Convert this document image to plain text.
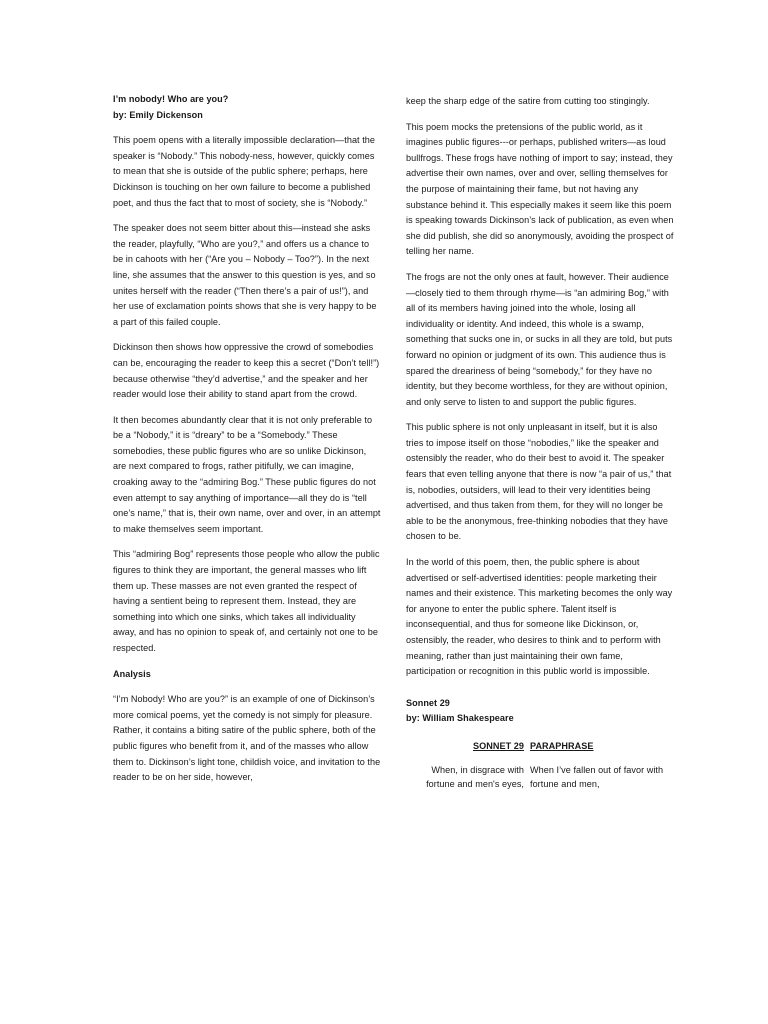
I’m nobody! Who are you?
by: Emily Dickenson

This poem opens with a literally impossible declaration—that the speaker is “Nobody.” This nobody-ness, however, quickly comes to mean that she is outside of the public sphere; perhaps, here Dickinson is touching on her own failure to become a published poet, and thus the fact that to most of society, she is “Nobody.”

The speaker does not seem bitter about this—instead she asks the reader, playfully, “Who are you?,” and offers us a chance to be in cahoots with her (“Are you – Nobody – Too?”). In the next line, she assumes that the answer to this question is yes, and so unites herself with the reader (“Then there’s a pair of us!”), and her use of exclamation points shows that she is very happy to be a part of this failed couple.

Dickinson then shows how oppressive the crowd of somebodies can be, encouraging the reader to keep this a secret (“Don’t tell!”) because otherwise “they’d advertise,” and the speaker and her reader would lose their ability to stand apart from the crowd.

It then becomes abundantly clear that it is not only preferable to be a “Nobody,” it is “dreary” to be a “Somebody.” These somebodies, these public figures who are so unlike Dickinson, are next compared to frogs, rather pitifully, we can imagine, croaking away to the “admiring Bog.” These public figures do not even attempt to say anything of importance—all they do is “tell one’s name,” that is, their own name, over and over, in an attempt to make themselves seem important.

This “admiring Bog” represents those people who allow the public figures to think they are important, the general masses who lift them up. These masses are not even granted the respect of having a sentient being to represent them. Instead, they are something into which one sinks, which takes all individuality away, and has no opinion to speak of, and certainly not one to be respected.

Analysis

“I’m Nobody! Who are you?” is an example of one of Dickinson’s more comical poems, yet the comedy is not simply for pleasure. Rather, it contains a biting satire of the public sphere, both of the public figures who benefit from it, and of the masses who allow them to. Dickinson’s light tone, childish voice, and invitation to the reader to be on her side, however,

keep the sharp edge of the satire from cutting too stingingly.

This poem mocks the pretensions of the public world, as it imagines public figures---or perhaps, published writers—as loud bullfrogs. These frogs have nothing of import to say; instead, they advertise their own names, over and over, selling themselves for the purpose of maintaining their fame, but not having any substance behind it. This especially makes it seem like this poem is speaking towards Dickinson’s lack of publication, as even when she did publish, she did so anonymously, avoiding the prospect of telling her name.

The frogs are not the only ones at fault, however. Their audience—closely tied to them through rhyme—is “an admiring Bog,” with all of its members having joined into the whole, losing all individuality or identity. And indeed, this whole is a swamp, something that sucks one in, or sucks in all they are told, but puts forward no opinion or judgment of its own. This audience thus is spared the dreariness of being “somebody,” for they have no identity, but they become worthless, for they are without opinion, and only serve to listen to and support the public figures.

This public sphere is not only unpleasant in itself, but it is also tries to impose itself on those “nobodies,” like the speaker and ostensibly the reader, who do their best to avoid it. The speaker fears that even telling anyone that there is now “a pair of us,” that is, nobodies, outsiders, will lead to their very identities being advertised, and thus taken from them, for they will no longer be able to be the anonymous, free-thinking nobodies that they have chosen to be.

In the world of this poem, then, the public sphere is about advertised or self-advertised identities: people marketing their names and their existence. This marketing becomes the only way for anyone to enter the public sphere. Talent itself is inconsequential, and thus for someone like Dickinson, or, ostensibly, the reader, who desires to think and to perform with meaning, rather than just maintaining their own fame, participation or recognition in this public world is impossible.

Sonnet 29
by: William Shakespeare
SONNET 29	PARAPHRASE
When, in disgrace with fortune and men's eyes,	When I’ve fallen out of favor with fortune and men,
